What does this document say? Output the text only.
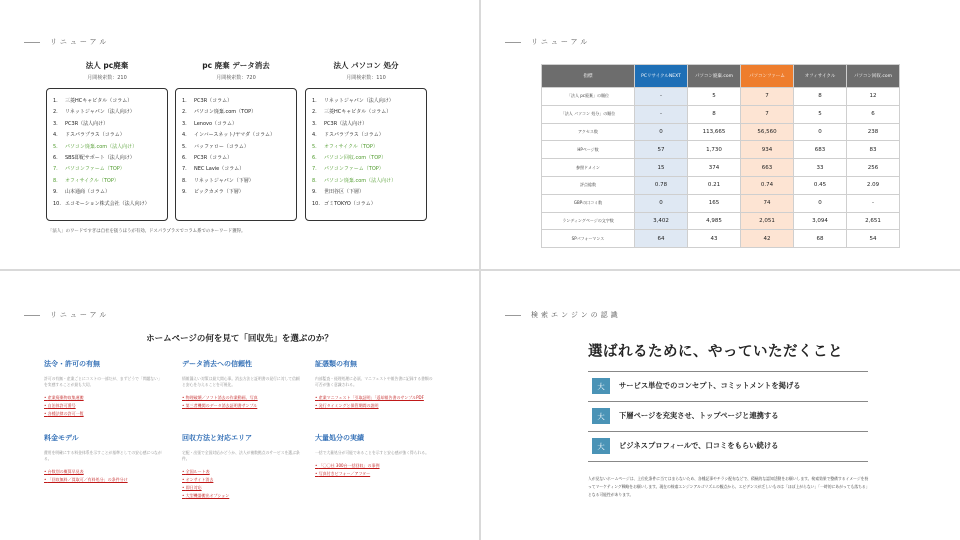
リニューアル
法人 pc廃棄
月間検索数：210
1.	三菱HCキャピタル（コラム）
2.	リネットジャパン（法人向け）
3.	PC3R（法人向け）
4.	ドスパラプラス（コラム）
5.	パソコン廃棄.com（法人向け）
6.	SBS即配サポート（法人向け）
7.	パソコンファーム（TOP）
8.	オフィサイクル（TOP）
9.	山本通商（コラム）
10. エコモーション株式会社（法人向け）
pc 廃棄 データ消去
月間検索数：720
1.	PC3R（コラム）
2.	パソコン廃棄.com（TOP）
3.	Lenovo（コラム）
4.	インバースネット/ヤマダ（コラム）
5.	バッファロー（コラム）
6.	PC3R（コラム）
7.	NEC Lavie（コラム）
8.	リネットジャパン（下層）
9.	ビックカメラ（下層）
法人 パソコン 処分
月間検索数：110
1.	リネットジャパン（法人向け）
2.	三菱HCキャピタル（コラム）
3.	PC3R（法人向け）
4.	ドスパラプラス（コラム）
5.	オフィサイクル（TOP）
6.	パソコン回収.com（TOP）
7.	パソコンファーム（TOP）
8.	パソコン廃棄.com（法人向け）
9.	世田谷区（下層）
10. ゴミTOKYO（コラム）
「法人」のワードですぎは自社を扱うほうが有効。ドスパラプラスでコラム系でのキーワード獲得。
リニューアル
指標	PCリサイクルNEXT	パソコン廃棄.com	パソコンファーム	オフィサイクル	パソコン回収.com
「法人 pc廃棄」の順位	-	5	7	8	12
「法人 パソコン 処分」の順位	-	8	7	5	6
アクセス数	0	113,665	56,560	0	238
HPページ数	57	1,730	934	683	83
参照ドメイン	15	374	663	33	256
評点総数	0.78	0.21	0.74	0.45	2.09
GBPの口コミ数	0	165	74	0	-
ランディングページの文字数	3,402	4,985	2,051	3,094	2,651
SPパフォーマンス	64	43	42	68	54
リニューアル
ホームページの何を見て「回収先」を選ぶのか？
法令・許可の有無
許可の有無・産業ごとにコストの一部だが、まずどうで「問題ない」を実感することが最も大切。
• 産業廃棄物収集運搬
• 自治体許可番号
• 各種法律の許可一覧
データ消去への信頼性
情報漏えい対策は最大関心事。消去方法と証明書の発行に対して信頼と安心を与えることを可視化。
• 物理破壊／ソフト消去の作業動画、写真
• 第三者機関のデータ消去証明書サンプル
証憑類の有無
内部監査・経理処理に必須。マニフェストや報告書に記録する書類の可否が強く意識される。
• 産業マニフェスト「引取証明」「返却報告書のサンプルPDF
• 発行タイミングと保管期間の説明
料金モデル
費用を明確にする料金体系を示すことが基準としての安心感につながる。
• 台数別の概算早見表
• 「回収無料／買取可／有料処分」の条件分け
回収方法と対応エリア
宅配・出張で全国対応かどうか、法人が複数拠点のサービスを選ぶ条件。
• 全国ルート表
• オンサイト消去
• 即日対応
• 大型機器搬出オプション
大量処分の実績
一括で大量処分が可能であることを示すと安心感が強く得られる。
• 「〇〇社 300台一括回収」の事例
• 写真付きビフォー／アフター
検索エンジンの認識
選ばれるために、やっていただくこと
大	サービス単位でのコンセプト、コミットメントを掲げる
大	下層ページを充実させ、トップページと連携する
大	ビジネスプロフィールで、口コミをもらい続ける
人が見ないホームページは、上位化条件に当てはまらないため、各種記事やチラシ配布などで、積極的な認知活動をお願いします。検索効果で整備するイメージを持ってマーケティング戦略をお願いします。現在の検索エンジンアルゴリズムの観点から、エビデンスが乏しいものは「ほぼ上がらない」「一時的にあがっても落ちる」となる可能性があります。
